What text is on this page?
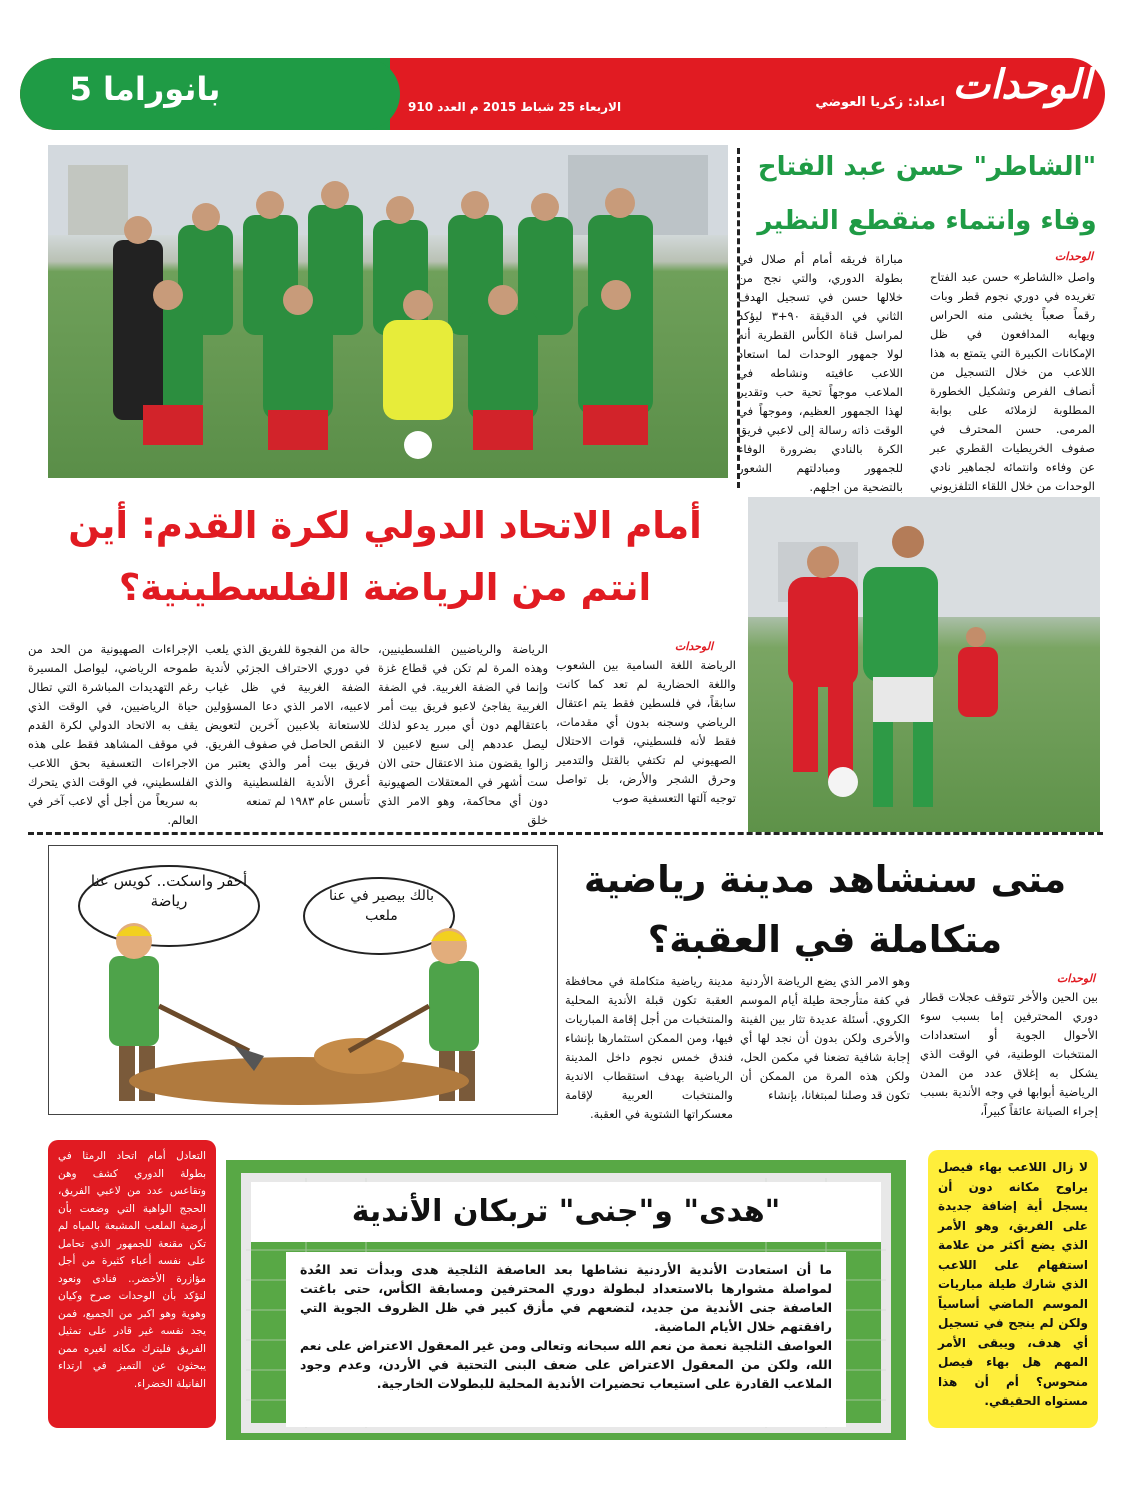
بانوراما 5	الوحدات
اعداد: زكريا العوضي
الاربعاء 25 شباط 2015 م العدد 910
"الشاطر" حسن عبد الفتاح
وفاء وانتماء منقطع النظير
الوحدات
واصل «الشاطر» حسن عبد الفتاح تغريده في دوري نجوم قطر وبات رقماً صعباً يخشى منه الحراس ويهابه المدافعون في ظل الإمكانات الكبيرة التي يتمتع به هذا اللاعب من خلال التسجيل من أنصاف الفرص وتشكيل الخطورة المطلوبة لزملائه على بوابة المرمى. حسن المحترف في صفوف الخريطيات القطري عبر عن وفاءه وانتمائه لجماهير نادي الوحدات من خلال اللقاء التلفزيوني
مباراة فريقه أمام أم صلال في بطولة الدوري، والتي نجح من خلالها حسن في تسجيل الهدف الثاني في الدقيقة ٩٠+٣ ليؤكد لمراسل قناة الكأس القطرية أنه لولا جمهور الوحدات لما استعاد اللاعب عافيته ونشاطه في الملاعب موجهاً تحية حب وتقدير لهذا الجمهور العظيم، وموجهاً في الوقت ذاته رسالة إلى لاعبي فريق الكرة بالنادي بضرورة الوفاء للجمهور ومبادلتهم الشعور بالتضحية من اجلهم.
أمام الاتحاد الدولي لكرة القدم: أين
انتم من الرياضة الفلسطينية؟
الوحدات
الرياضة اللغة السامية بين الشعوب واللغة الحضارية لم تعد كما كانت سابقاً، في فلسطين فقط يتم اعتقال الرياضي وسجنه بدون أي مقدمات، فقط لأنه فلسطيني، قوات الاحتلال الصهيوني لم تكتفي بالقتل والتدمير وحرق الشجر والأرض، بل تواصل توجيه آلتها التعسفية صوب
الرياضة والرياضيين الفلسطينيين، وهذه المرة لم تكن في قطاع غزة وإنما في الضفة الغربية. في الضفة الغربية يفاجئ لاعبو فريق بيت أمر باعتقالهم دون أي مبرر يدعو لذلك ليصل عددهم إلى سبع لاعبين لا زالوا يقضون منذ الاعتقال حتى الان ست أشهر في المعتقلات الصهيونية دون أي محاكمة، وهو الامر الذي خلق
حالة من الفجوة للفريق الذي يلعب في دوري الاحتراف الجزئي لأندية الضفة الغربية في ظل غياب لاعبيه، الامر الذي دعا المسؤولين للاستعانة بلاعبين آخرين لتعويض النقص الحاصل في صفوف الفريق. فريق بيت أمر والذي يعتبر من أعرق الأندية الفلسطينية والذي تأسس عام ١٩٨٣ لم تمنعه
الإجراءات الصهيونية من الحد من طموحه الرياضي، ليواصل المسيرة رغم التهديدات المباشرة التي تطال حياة الرياضيين، في الوقت الذي يقف به الاتحاد الدولي لكرة القدم في موقف المشاهد فقط على هذه الاجراءات التعسفية بحق اللاعب الفلسطيني، في الوقت الذي يتحرك به سريعاً من أجل أي لاعب آخر في العالم.
أحفر واسكت.. كويس عنا رياضة	بالك بيصير في عنا ملعب
متى سنشاهد مدينة رياضية
متكاملة في العقبة؟
الوحدات
بين الحين والأخر تتوقف عجلات قطار دوري المحترفين إما بسبب سوء الأحوال الجوية أو استعدادات المنتخبات الوطنية، في الوقت الذي يشكل به إغلاق عدد من المدن الرياضية أبوابها في وجه الأندية بسبب إجراء الصيانة عائقاً كبيراً،
وهو الامر الذي يضع الرياضة الأردنية في كفة متأرجحة طيلة أيام الموسم الكروي. أسئلة عديدة تثار بين الفينة والأخرى ولكن بدون أن نجد لها أي إجابة شافية تضعنا في مكمن الحل، ولكن هذه المرة من الممكن أن تكون قد وصلنا لمبتغانا، بإنشاء
مدينة رياضية متكاملة في محافظة العقبة تكون قبلة الأندية المحلية والمنتخبات من أجل إقامة المباريات فيها، ومن الممكن استثمارها بإنشاء فندق خمس نجوم داخل المدينة الرياضية بهدف استقطاب الاندية والمنتخبات العربية لإقامة معسكراتها الشتوية في العقبة.
التعادل أمام اتحاد الرمثا في بطولة الدوري كشف وهن وتقاعس عدد من لاعبي الفريق، الحجج الواهية التي وضعت بأن أرضية الملعب المشبعة بالمياه لم تكن مقنعة للجمهور الذي تحامل على نفسه أعباء كثيرة من أجل مؤازرة الأخضر.. فنادى ونعود لنؤكد بأن الوحدات صرح وكيان وهوية وهو اكبر من الجميع، فمن يجد نفسه غير قادر على تمثيل الفريق فليترك مكانه لغيره ممن يبحثون عن التميز في ارتداء الفانيلة الخضراء.
لا زال اللاعب بهاء فيصل يراوح مكانه دون أن يسجل أية إضافة جديدة على الفريق، وهو الأمر الذي يضع أكثر من علامة استفهام على اللاعب الذي شارك طيلة مباريات الموسم الماضي أساسياً ولكن لم ينجح في تسجيل أي هدف، ويبقى الأمر المهم هل بهاء فيصل منحوس؟ أم أن هذا مستواه الحقيقي.
"هدى" و"جنى" تربكان الأندية
ما أن استعادت الأندية الأردنية نشاطها بعد العاصفة الثلجية هدى وبدأت تعد العُدة لمواصلة مشوارها بالاستعداد لبطولة دوري المحترفين ومسابقة الكأس، حتى باغتت العاصفة جنى الأندية من جديد، لتضعهم في مأزق كبير في ظل الظروف الجوية التي رافقتهم خلال الأيام الماضية.
العواصف الثلجية نعمة من نعم الله سبحانه وتعالى ومن غير المعقول الاعتراض على نعم الله، ولكن من المعقول الاعتراض على ضعف البنى التحتية في الأردن، وعدم وجود الملاعب القادرة على استيعاب تحضيرات الأندية المحلية للبطولات الخارجية.
